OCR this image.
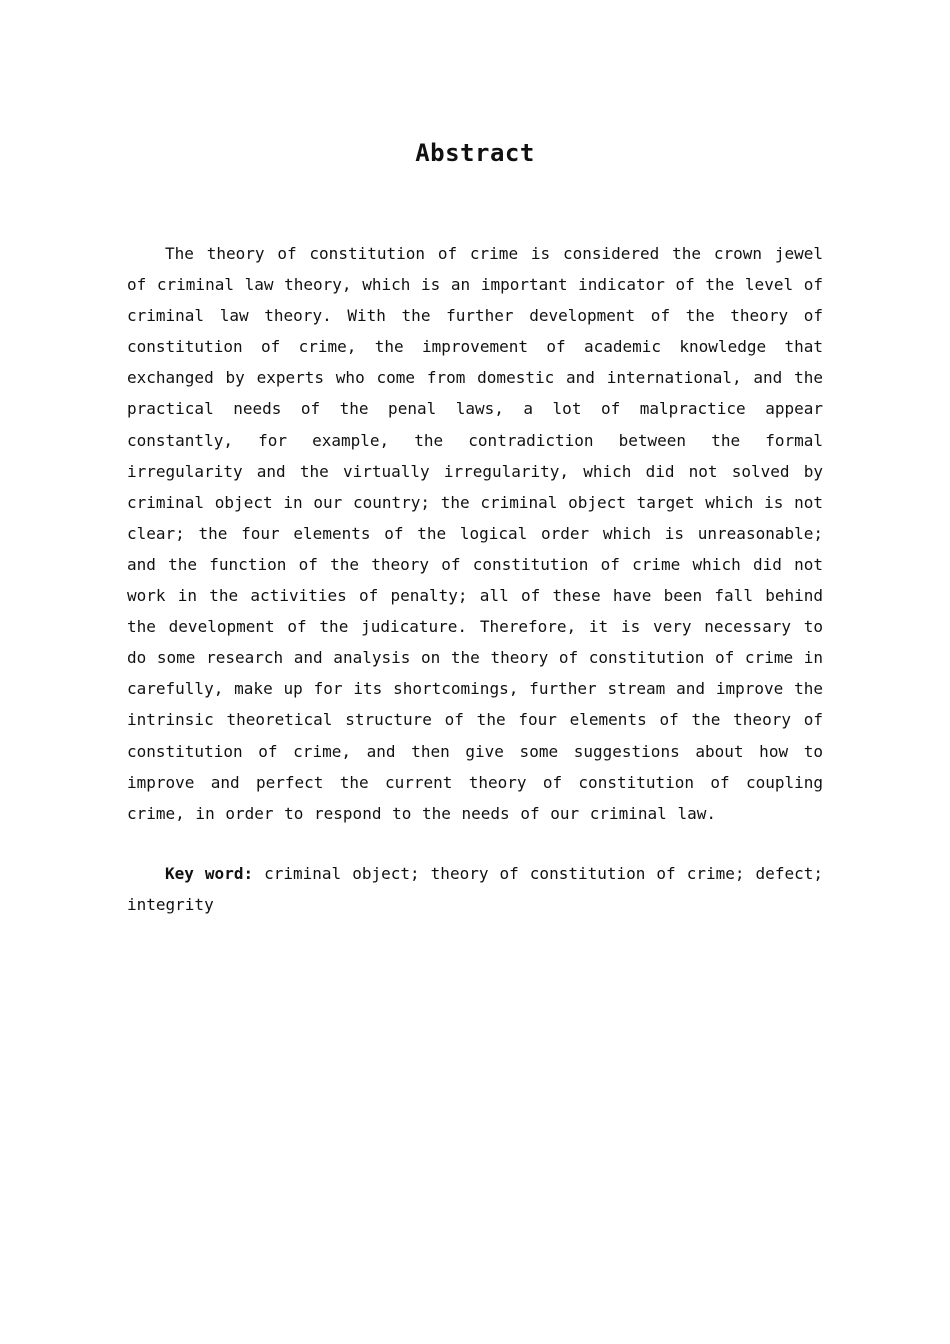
Abstract

The theory of constitution of crime is considered the crown jewel of criminal law theory, which is an important indicator of the level of criminal law theory. With the further development of the theory of constitution of crime, the improvement of academic knowledge that exchanged by experts who come from domestic and international, and the practical needs of the penal laws, a lot of malpractice appear constantly, for example, the contradiction between the formal irregularity and the virtually irregularity, which did not solved by criminal object in our country; the criminal object target which is not clear; the four elements of the logical order which is unreasonable; and the function of the theory of constitution of crime which did not work in the activities of penalty; all of these have been fall behind the development of the judicature. Therefore, it is very necessary to do some research and analysis on the theory of constitution of crime in carefully, make up for its shortcomings, further stream and improve the intrinsic theoretical structure of the four elements of the theory of constitution of crime, and then give some suggestions about how to improve and perfect the current theory of constitution of coupling crime, in order to respond to the needs of our criminal law.

Key word: criminal object; theory of constitution of crime; defect; integrity
